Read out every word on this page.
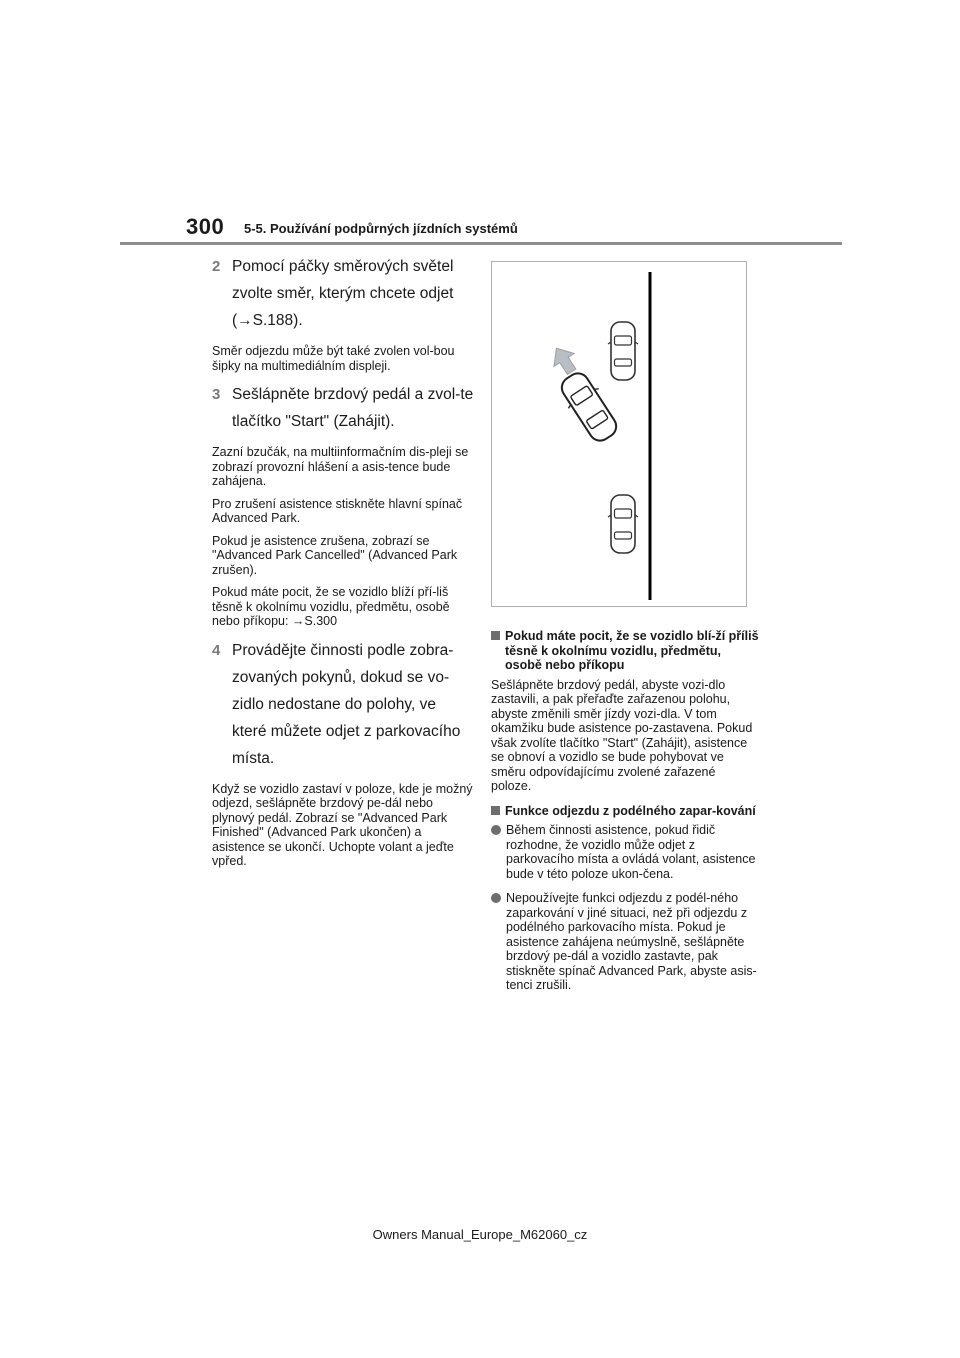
300 5-5. Používání podpůrných jízdních systémů
2 Pomocí páčky směrových světel zvolte směr, kterým chcete odjet (→S.188).

Směr odjezdu může být také zvolen vol-bou šipky na multimediálním displeji.

3 Sešlápněte brzdový pedál a zvol-te tlačítko "Start" (Zahájit).

Zazní bzučák, na multiinformačním dis-pleji se zobrazí provozní hlášení a asis-tence bude zahájena.

Pro zrušení asistence stiskněte hlavní spínač Advanced Park.

Pokud je asistence zrušena, zobrazí se "Advanced Park Cancelled" (Advanced Park zrušen).

Pokud máte pocit, že se vozidlo blíží pří-liš těsně k okolnímu vozidlu, předmětu, osobě nebo příkopu: →S.300

4 Provádějte činnosti podle zobra-zovaných pokynů, dokud se vo-zidlo nedostane do polohy, ve které můžete odjet z parkovacího místa.

Když se vozidlo zastaví v poloze, kde je možný odjezd, sešlápněte brzdový pe-dál nebo plynový pedál. Zobrazí se "Advanced Park Finished" (Advanced Park ukončen) a asistence se ukončí. Uchopte volant a jeďte vpřed.

Pokud máte pocit, že se vozidlo blí-ží příliš těsně k okolnímu vozidlu, předmětu, osobě nebo příkopu

Sešlápněte brzdový pedál, abyste vozi-dlo zastavili, a pak přeřaďte zařazenou polohu, abyste změnili směr jízdy vozi-dla. V tom okamžiku bude asistence po-zastavena. Pokud však zvolíte tlačítko "Start" (Zahájit), asistence se obnoví a vozidlo se bude pohybovat ve směru odpovídajícímu zvolené zařazené poloze.

Funkce odjezdu z podélného zapar-kování
Během činnosti asistence, pokud řidič rozhodne, že vozidlo může odjet z parkovacího místa a ovládá volant, asistence bude v této poloze ukon-čena.
Nepoužívejte funkci odjezdu z podél-ného zaparkování v jiné situaci, než při odjezdu z podélného parkovacího místa. Pokud je asistence zahájena neúmyslně, sešlápněte brzdový pe-dál a vozidlo zastavte, pak stiskněte spínač Advanced Park, abyste asis-tenci zrušili.
Owners Manual_Europe_M62060_cz
